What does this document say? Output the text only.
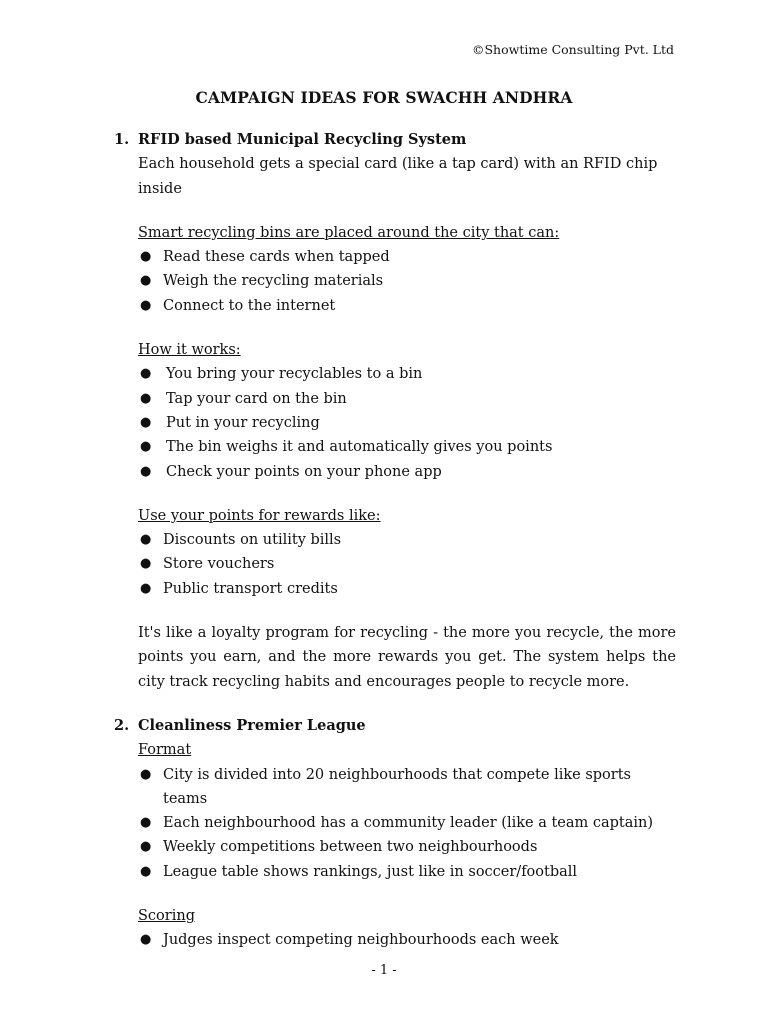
©Showtime Consulting Pvt. Ltd
CAMPAIGN IDEAS FOR SWACHH ANDHRA
1. RFID based Municipal Recycling System

Each household gets a special card (like a tap card) with an RFID chip inside

Smart recycling bins are placed around the city that can:

● Read these cards when tapped
● Weigh the recycling materials
● Connect to the internet

How it works:

● You bring your recyclables to a bin
● Tap your card on the bin
● Put in your recycling
● The bin weighs it and automatically gives you points
● Check your points on your phone app

Use your points for rewards like:

● Discounts on utility bills
● Store vouchers
● Public transport credits

It's like a loyalty program for recycling - the more you recycle, the more points you earn, and the more rewards you get. The system helps the city track recycling habits and encourages people to recycle more.

2. Cleanliness Premier League

Format

● City is divided into 20 neighbourhoods that compete like sports teams
● Each neighbourhood has a community leader (like a team captain)
● Weekly competitions between two neighbourhoods
● League table shows rankings, just like in soccer/football

Scoring

● Judges inspect competing neighbourhoods each week
- 1 -
